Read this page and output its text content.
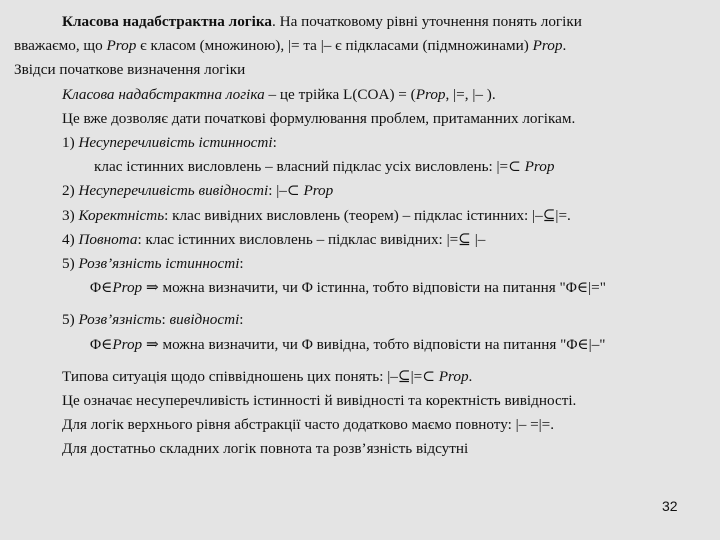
Класова надабстрактна логіка. На початковому рівні уточнення понять логіки
вважаємо, що Prop є класом (множиною), |= та |– є підкласами (підмножинами) Prop.
Звідси початкове визначення логіки
Класова надабстрактна логіка – це трійка L(COA) = (Prop, |=, |– ).
Це вже дозволяє дати початкові формулювання проблем, притаманних логікам.
1) Несуперечливість істинності:
клас істинних висловлень – власний підклас усіх висловлень: |=⊂ Prop
2) Несуперечливість вивідності: |–⊂ Prop
3) Коректність: клас вивідних висловлень (теорем) – підклас істинних: |–⊆|=.
4) Повнота: клас істинних висловлень – підклас вивідних: |=⊆ |–
5) Розв’язність істинності:
Φ∈Prop ⇒ можна визначити, чи Φ істинна, тобто відповісти на питання "Φ∈|="
5) Розв’язність: вивідності:
Φ∈Prop ⇒ можна визначити, чи Φ вивідна, тобто відповісти на питання "Φ∈|–"
Типова ситуація щодо співвідношень цих понять: |–⊆|=⊂ Prop.
Це означає несуперечливість істинності й вивідності та коректність вивідності.
Для логік верхнього рівня абстракції часто додатково маємо повноту: |– =|=.
Для достатньо складних логік повнота та розв’язність відсутні
32
